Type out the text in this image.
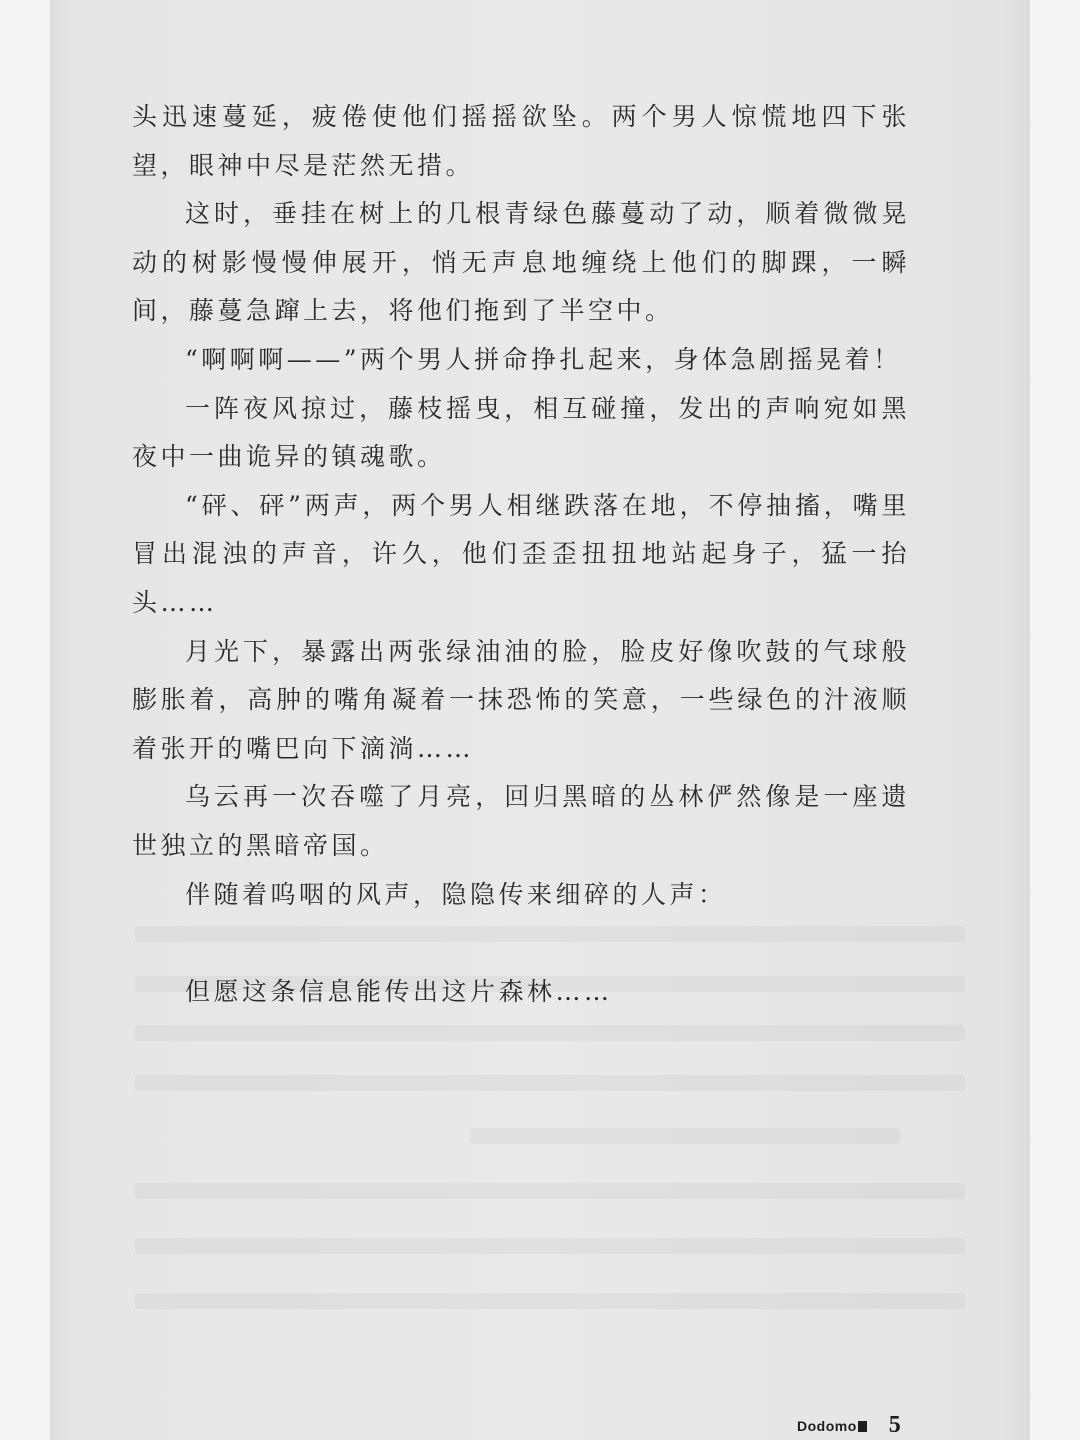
头迅速蔓延，疲倦使他们摇摇欲坠。两个男人惊慌地四下张望，眼神中尽是茫然无措。

这时，垂挂在树上的几根青绿色藤蔓动了动，顺着微微晃动的树影慢慢伸展开，悄无声息地缠绕上他们的脚踝，一瞬间，藤蔓急蹿上去，将他们拖到了半空中。

“啊啊啊——”两个男人拼命挣扎起来，身体急剧摇晃着！

一阵夜风掠过，藤枝摇曳，相互碰撞，发出的声响宛如黑夜中一曲诡异的镇魂歌。

“砰、砰”两声，两个男人相继跌落在地，不停抽搐，嘴里冒出混浊的声音，许久，他们歪歪扭扭地站起身子，猛一抬头……

月光下，暴露出两张绿油油的脸，脸皮好像吹鼓的气球般膨胀着，高肿的嘴角凝着一抹恐怖的笑意，一些绿色的汁液顺着张开的嘴巴向下滴淌……

乌云再一次吞噬了月亮，回归黑暗的丛林俨然像是一座遗世独立的黑暗帝国。

伴随着呜咽的风声，隐隐传来细碎的人声：

但愿这条信息能传出这片森林……

Dodomo	5
